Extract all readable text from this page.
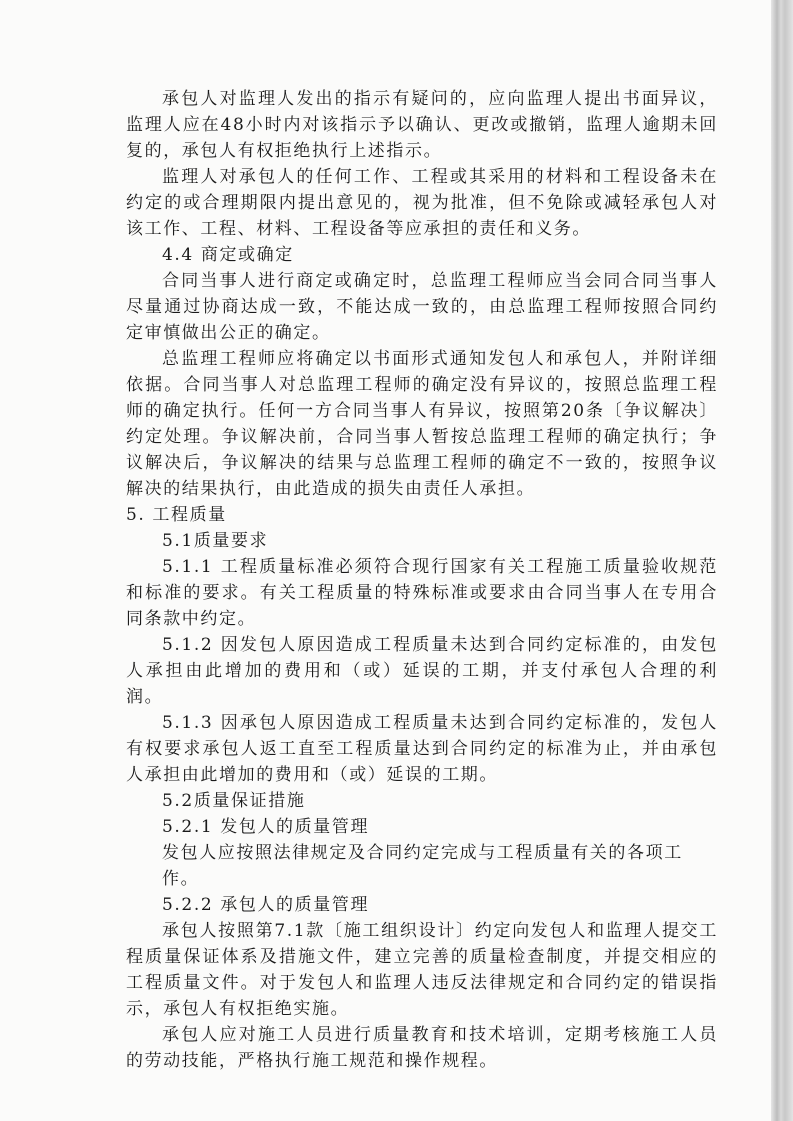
承包人对监理人发出的指示有疑问的，应向监理人提出书面异议，监理人应在48小时内对该指示予以确认、更改或撤销，监理人逾期未回复的，承包人有权拒绝执行上述指示。

监理人对承包人的任何工作、工程或其采用的材料和工程设备未在约定的或合理期限内提出意见的，视为批准，但不免除或减轻承包人对该工作、工程、材料、工程设备等应承担的责任和义务。

4.4 商定或确定

合同当事人进行商定或确定时，总监理工程师应当会同合同当事人尽量通过协商达成一致，不能达成一致的，由总监理工程师按照合同约定审慎做出公正的确定。

总监理工程师应将确定以书面形式通知发包人和承包人，并附详细依据。合同当事人对总监理工程师的确定没有异议的，按照总监理工程师的确定执行。任何一方合同当事人有异议，按照第20条〔争议解决〕约定处理。争议解决前，合同当事人暂按总监理工程师的确定执行；争议解决后，争议解决的结果与总监理工程师的确定不一致的，按照争议解决的结果执行，由此造成的损失由责任人承担。

5. 工程质量

5.1质量要求

5.1.1 工程质量标准必须符合现行国家有关工程施工质量验收规范和标准的要求。有关工程质量的特殊标准或要求由合同当事人在专用合同条款中约定。

5.1.2 因发包人原因造成工程质量未达到合同约定标准的，由发包人承担由此增加的费用和（或）延误的工期，并支付承包人合理的利润。

5.1.3 因承包人原因造成工程质量未达到合同约定标准的，发包人有权要求承包人返工直至工程质量达到合同约定的标准为止，并由承包人承担由此增加的费用和（或）延误的工期。

5.2质量保证措施

5.2.1 发包人的质量管理

发包人应按照法律规定及合同约定完成与工程质量有关的各项工作。

5.2.2 承包人的质量管理

承包人按照第7.1款〔施工组织设计〕约定向发包人和监理人提交工程质量保证体系及措施文件，建立完善的质量检查制度，并提交相应的工程质量文件。对于发包人和监理人违反法律规定和合同约定的错误指示，承包人有权拒绝实施。

承包人应对施工人员进行质量教育和技术培训，定期考核施工人员的劳动技能，严格执行施工规范和操作规程。
